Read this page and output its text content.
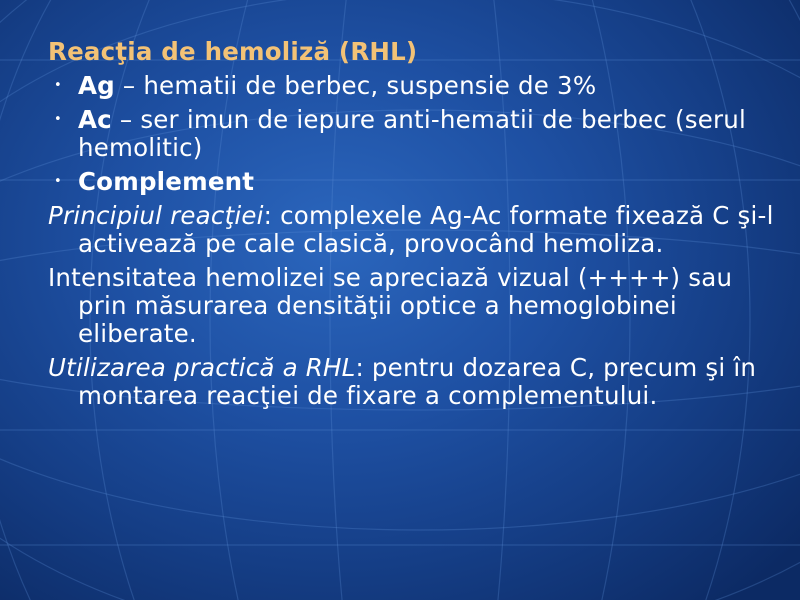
Reacţia de hemoliză (RHL)
• Ag – hematii de berbec, suspensie de 3%
• Ac – ser imun de iepure anti-hematii de berbec (serul hemolitic)
• Complement
Principiul reacţiei: complexele Ag-Ac formate fixează C şi-l activează pe cale clasică, provocând hemoliza.
Intensitatea hemolizei se apreciază vizual (++++) sau prin măsurarea densităţii optice a hemoglobinei eliberate.
Utilizarea practică a RHL: pentru dozarea C, precum şi în montarea reacţiei de fixare a complementului.
